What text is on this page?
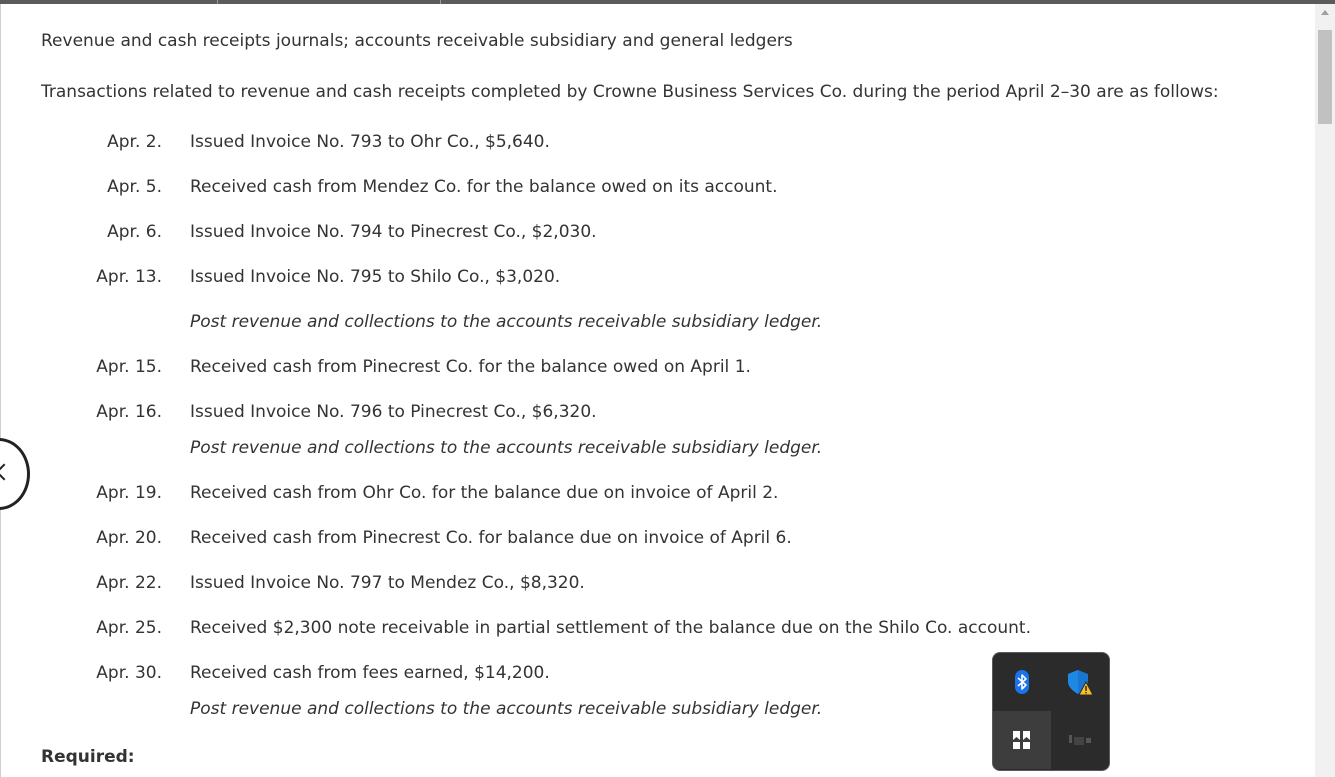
Revenue and cash receipts journals; accounts receivable subsidiary and general ledgers
Transactions related to revenue and cash receipts completed by Crowne Business Services Co. during the period April 2–30 are as follows:
Apr. 2. Issued Invoice No. 793 to Ohr Co., $5,640.
Apr. 5. Received cash from Mendez Co. for the balance owed on its account.
Apr. 6. Issued Invoice No. 794 to Pinecrest Co., $2,030.
Apr. 13. Issued Invoice No. 795 to Shilo Co., $3,020.
Post revenue and collections to the accounts receivable subsidiary ledger.
Apr. 15. Received cash from Pinecrest Co. for the balance owed on April 1.
Apr. 16. Issued Invoice No. 796 to Pinecrest Co., $6,320.
Post revenue and collections to the accounts receivable subsidiary ledger.
Apr. 19. Received cash from Ohr Co. for the balance due on invoice of April 2.
Apr. 20. Received cash from Pinecrest Co. for balance due on invoice of April 6.
Apr. 22. Issued Invoice No. 797 to Mendez Co., $8,320.
Apr. 25. Received $2,300 note receivable in partial settlement of the balance due on the Shilo Co. account.
Apr. 30. Received cash from fees earned, $14,200.
Post revenue and collections to the accounts receivable subsidiary ledger.
Required:
